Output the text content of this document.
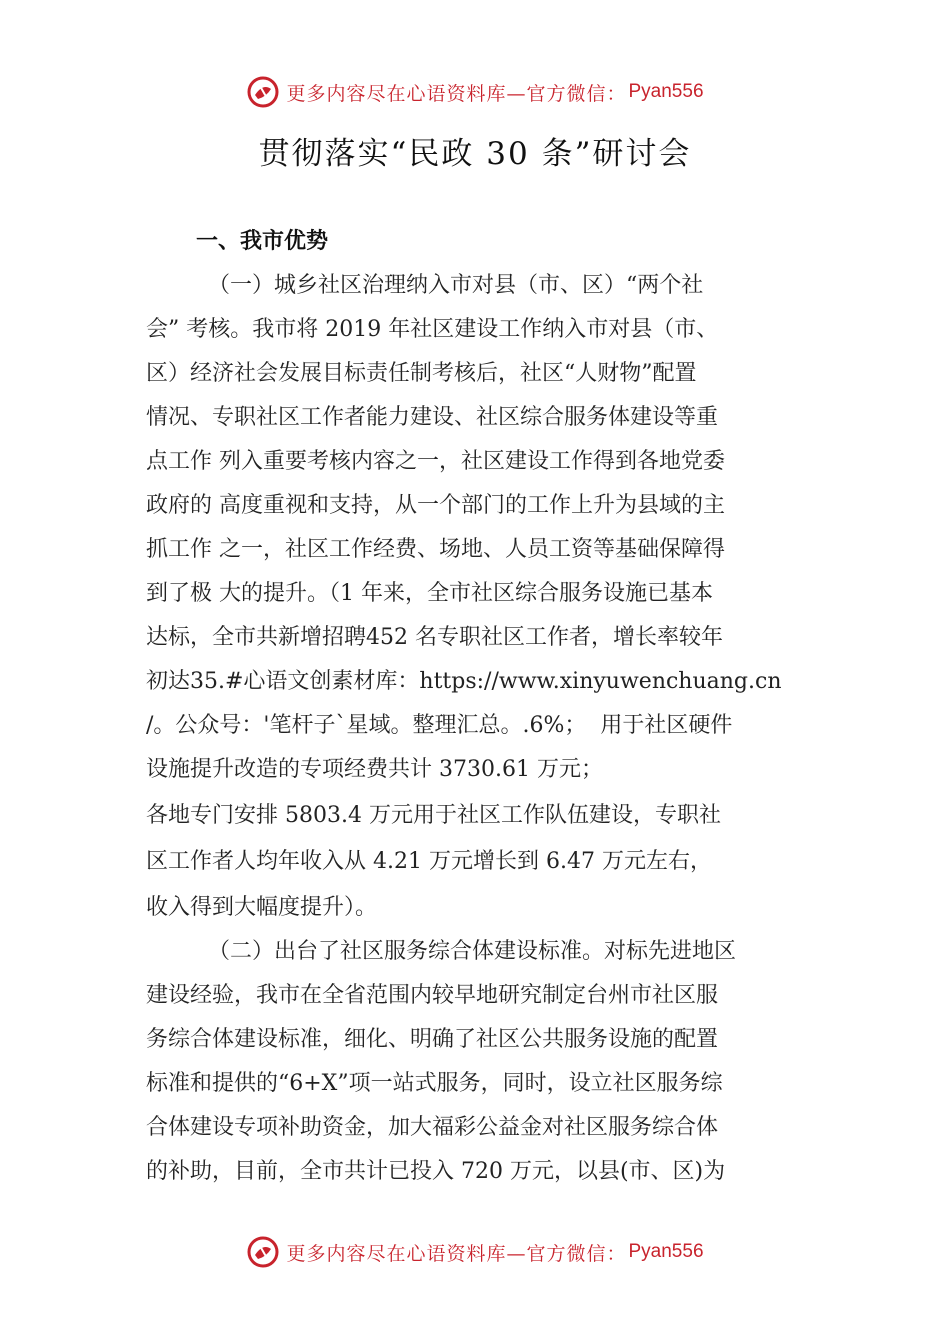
更多内容尽在心语资料库—官方微信： Pyan556
贯彻落实“民政 30 条”研讨会
一、我市优势
（一）城乡社区治理纳入市对县（市、区）“两个社
会” 考核。我市将 2019 年社区建设工作纳入市对县（市、
区）经济社会发展目标责任制考核后，社区“人财物”配置
情况、专职社区工作者能力建设、社区综合服务体建设等重
点工作 列入重要考核内容之一，社区建设工作得到各地党委
政府的 高度重视和支持，从一个部门的工作上升为县域的主
抓工作 之一，社区工作经费、场地、人员工资等基础保障得
到了极 大的提升。（1 年来，全市社区综合服务设施已基本
达标，全市共新增招聘452 名专职社区工作者，增长率较年
初达35.#心语文创素材库：https://www.xinyuwenchuang.cn
/。公众号：'笔杆子`星域。整理汇总。.6%；  用于社区硬件
设施提升改造的专项经费共计 3730.61 万元；
各地专门安排 5803.4 万元用于社区工作队伍建设，专职社
区工作者人均年收入从 4.21 万元增长到 6.47 万元左右，
收入得到大幅度提升）。
（二）出台了社区服务综合体建设标准。对标先进地区
建设经验，我市在全省范围内较早地研究制定台州市社区服
务综合体建设标准，细化、明确了社区公共服务设施的配置
标准和提供的“6+X”项一站式服务，同时，设立社区服务综
合体建设专项补助资金，加大福彩公益金对社区服务综合体
的补助，目前，全市共计已投入 720 万元，以县(市、区)为
更多内容尽在心语资料库—官方微信： Pyan556
